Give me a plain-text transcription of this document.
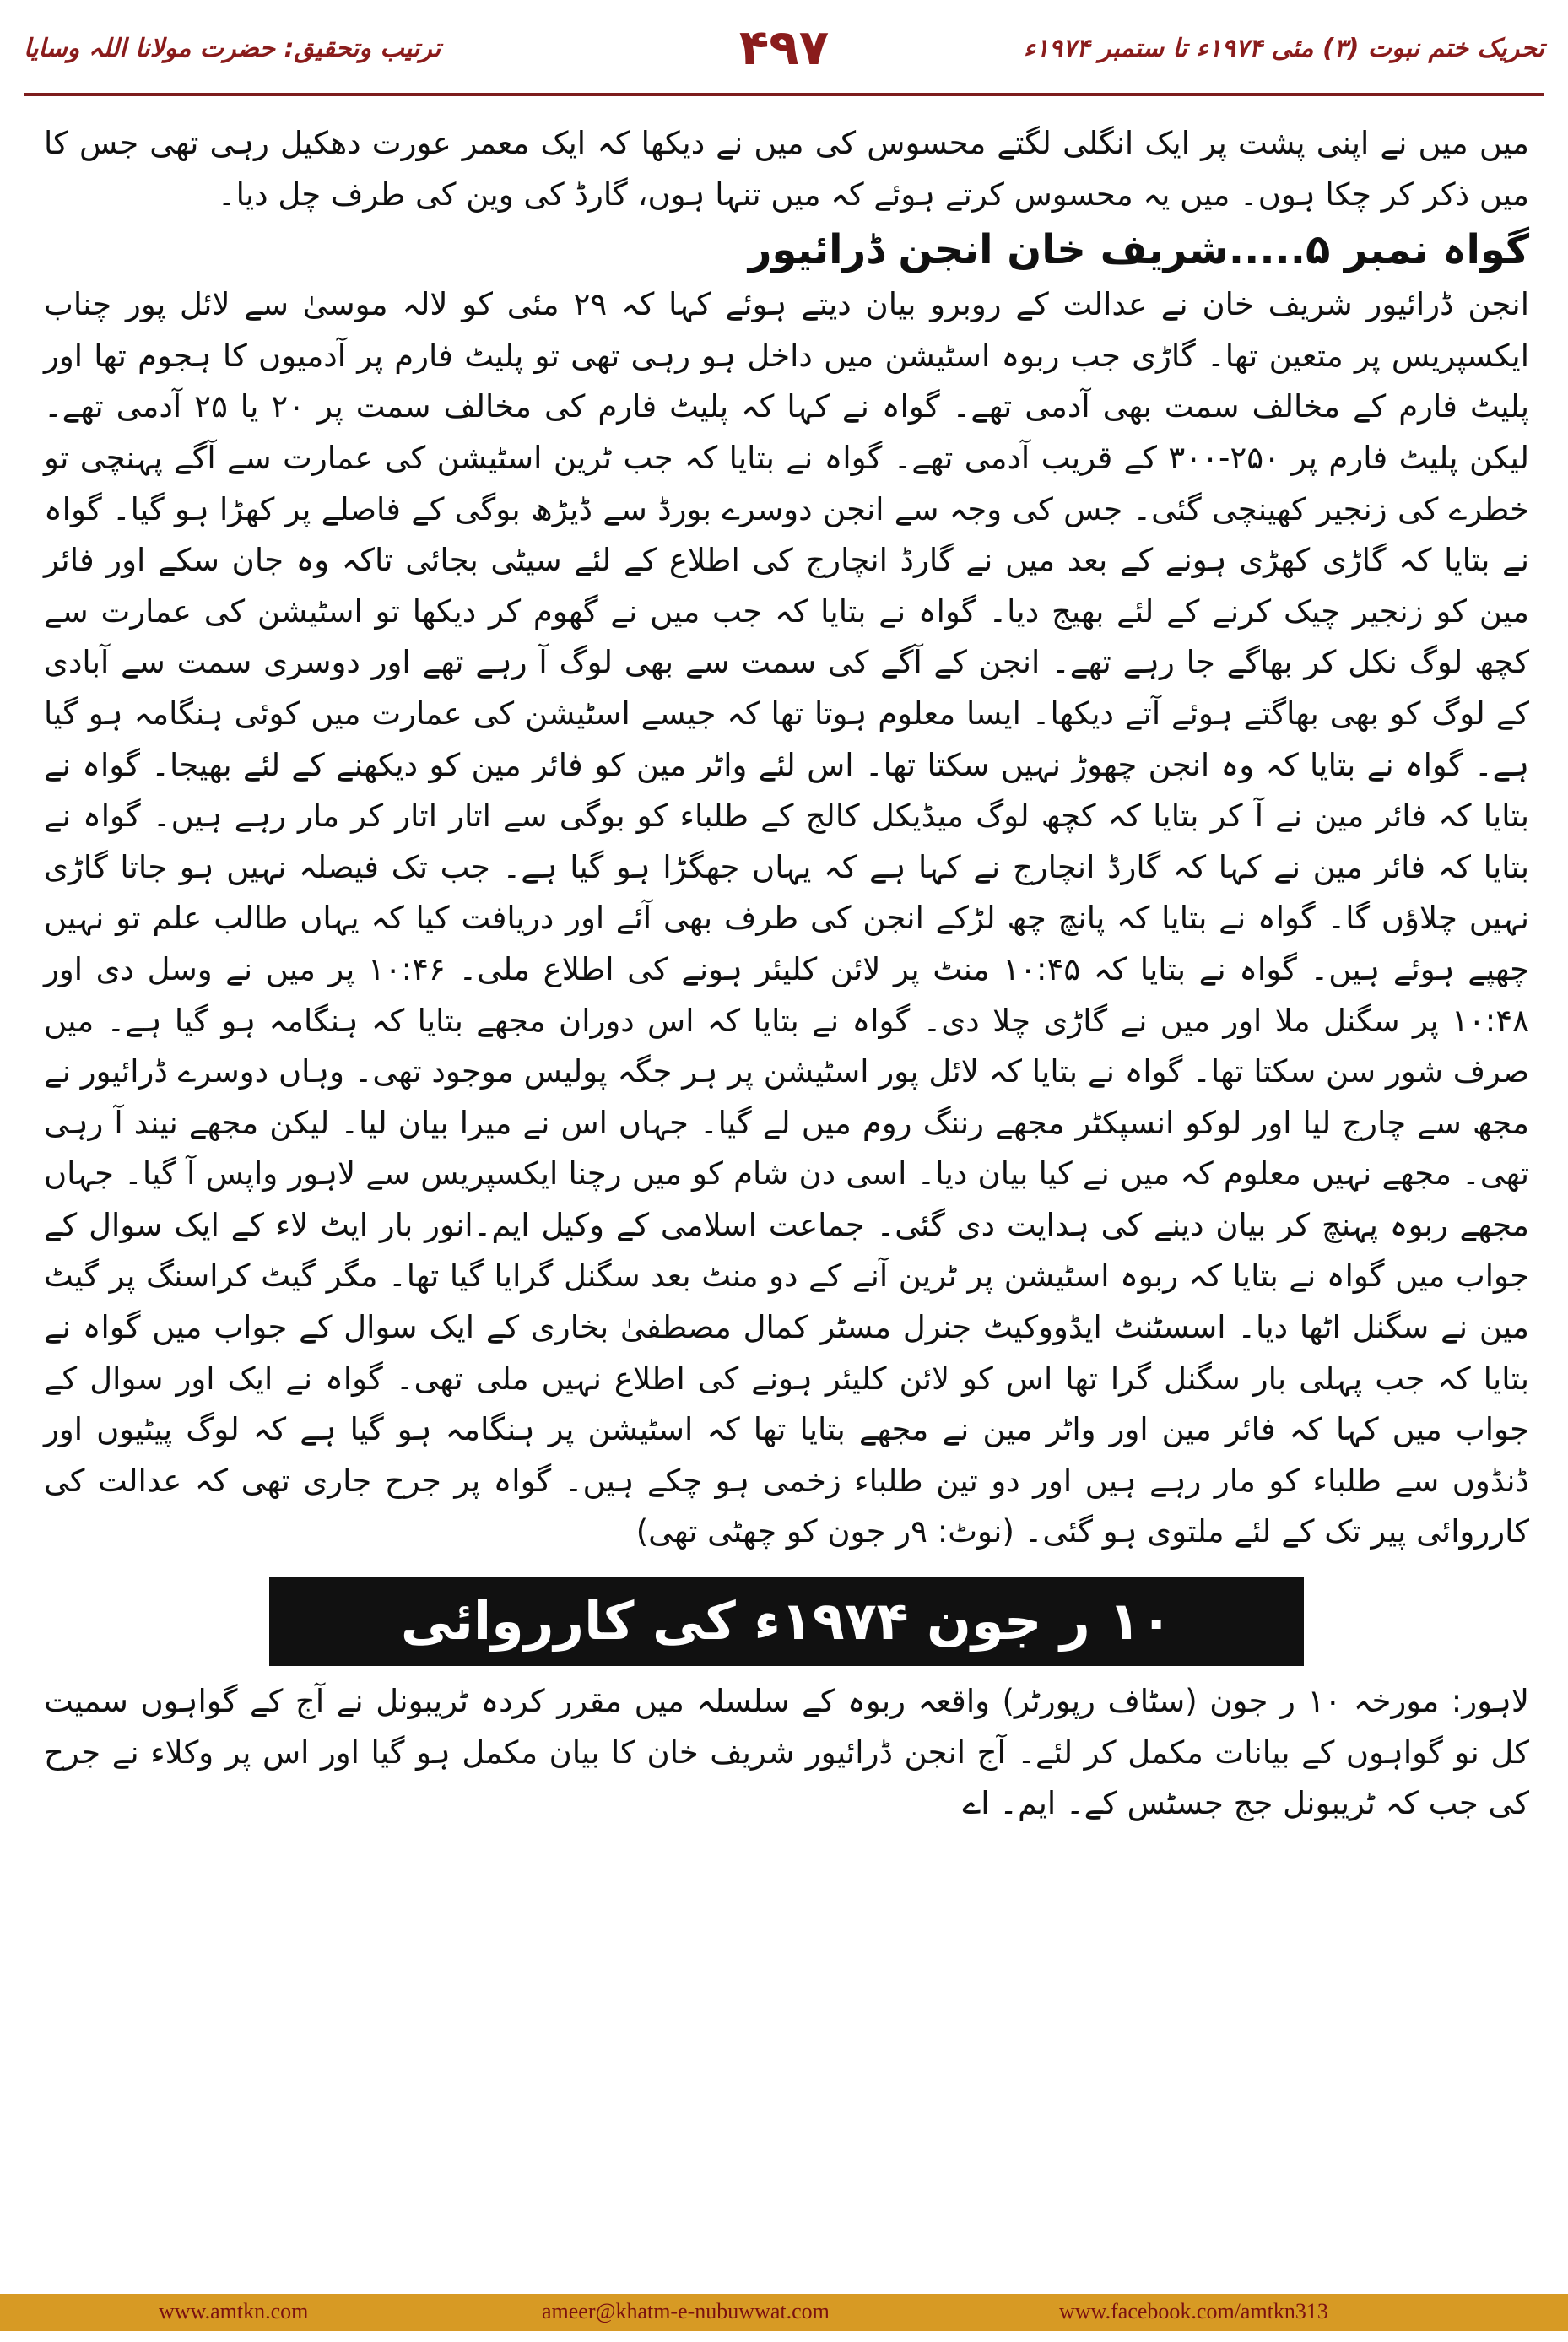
تحریک ختم نبوت (۳) مئی ۱۹۷۴ء تا ستمبر ۱۹۷۴ء
۴۹۷
ترتیب وتحقیق: حضرت مولانا اللہ وسایا

میں میں نے اپنی پشت پر ایک انگلی لگتے محسوس کی میں نے دیکھا کہ ایک معمر عورت دھکیل رہی تھی جس کا میں ذکر کر چکا ہوں۔ میں یہ محسوس کرتے ہوئے کہ میں تنہا ہوں، گارڈ کی وین کی طرف چل دیا۔

گواہ نمبر ۵.....شریف خان انجن ڈرائیور

انجن ڈرائیور شریف خان نے عدالت کے روبرو بیان دیتے ہوئے کہا کہ ۲۹ مئی کو لالہ موسیٰ سے لائل پور چناب ایکسپریس پر متعین تھا۔ گاڑی جب ربوہ اسٹیشن میں داخل ہو رہی تھی تو پلیٹ فارم پر آدمیوں کا ہجوم تھا اور پلیٹ فارم کے مخالف سمت بھی آدمی تھے۔ گواہ نے کہا کہ پلیٹ فارم کی مخالف سمت پر ۲۰ یا ۲۵ آدمی تھے۔ لیکن پلیٹ فارم پر ۲۵۰-۳۰۰ کے قریب آدمی تھے۔ گواہ نے بتایا کہ جب ٹرین اسٹیشن کی عمارت سے آگے پہنچی تو خطرے کی زنجیر کھینچی گئی۔ جس کی وجہ سے انجن دوسرے بورڈ سے ڈیڑھ بوگی کے فاصلے پر کھڑا ہو گیا۔ گواہ نے بتایا کہ گاڑی کھڑی ہونے کے بعد میں نے گارڈ انچارج کی اطلاع کے لئے سیٹی بجائی تاکہ وہ جان سکے اور فائر مین کو زنجیر چیک کرنے کے لئے بھیج دیا۔ گواہ نے بتایا کہ جب میں نے گھوم کر دیکھا تو اسٹیشن کی عمارت سے کچھ لوگ نکل کر بھاگے جا رہے تھے۔ انجن کے آگے کی سمت سے بھی لوگ آ رہے تھے اور دوسری سمت سے آبادی کے لوگ کو بھی بھاگتے ہوئے آتے دیکھا۔ ایسا معلوم ہوتا تھا کہ جیسے اسٹیشن کی عمارت میں کوئی ہنگامہ ہو گیا ہے۔ گواہ نے بتایا کہ وہ انجن چھوڑ نہیں سکتا تھا۔ اس لئے واٹر مین کو فائر مین کو دیکھنے کے لئے بھیجا۔ گواہ نے بتایا کہ فائر مین نے آ کر بتایا کہ کچھ لوگ میڈیکل کالج کے طلباء کو بوگی سے اتار اتار کر مار رہے ہیں۔ گواہ نے بتایا کہ فائر مین نے کہا کہ گارڈ انچارج نے کہا ہے کہ یہاں جھگڑا ہو گیا ہے۔ جب تک فیصلہ نہیں ہو جاتا گاڑی نہیں چلاؤں گا۔ گواہ نے بتایا کہ پانچ چھ لڑکے انجن کی طرف بھی آئے اور دریافت کیا کہ یہاں طالب علم تو نہیں چھپے ہوئے ہیں۔ گواہ نے بتایا کہ ۱۰:۴۵ منٹ پر لائن کلیئر ہونے کی اطلاع ملی۔ ۱۰:۴۶ پر میں نے وسل دی اور ۱۰:۴۸ پر سگنل ملا اور میں نے گاڑی چلا دی۔ گواہ نے بتایا کہ اس دوران مجھے بتایا کہ ہنگامہ ہو گیا ہے۔ میں صرف شور سن سکتا تھا۔ گواہ نے بتایا کہ لائل پور اسٹیشن پر ہر جگہ پولیس موجود تھی۔ وہاں دوسرے ڈرائیور نے مجھ سے چارج لیا اور لوکو انسپکٹر مجھے رننگ روم میں لے گیا۔ جہاں اس نے میرا بیان لیا۔ لیکن مجھے نیند آ رہی تھی۔ مجھے نہیں معلوم کہ میں نے کیا بیان دیا۔ اسی دن شام کو میں رچنا ایکسپریس سے لاہور واپس آ گیا۔ جہاں مجھے ربوہ پہنچ کر بیان دینے کی ہدایت دی گئی۔ جماعت اسلامی کے وکیل ایم۔انور بار ایٹ لاء کے ایک سوال کے جواب میں گواہ نے بتایا کہ ربوہ اسٹیشن پر ٹرین آنے کے دو منٹ بعد سگنل گرایا گیا تھا۔ مگر گیٹ کراسنگ پر گیٹ مین نے سگنل اٹھا دیا۔ اسسٹنٹ ایڈووکیٹ جنرل مسٹر کمال مصطفیٰ بخاری کے ایک سوال کے جواب میں گواہ نے بتایا کہ جب پہلی بار سگنل گرا تھا اس کو لائن کلیئر ہونے کی اطلاع نہیں ملی تھی۔ گواہ نے ایک اور سوال کے جواب میں کہا کہ فائر مین اور واٹر مین نے مجھے بتایا تھا کہ اسٹیشن پر ہنگامہ ہو گیا ہے کہ لوگ پیٹیوں اور ڈنڈوں سے طلباء کو مار رہے ہیں اور دو تین طلباء زخمی ہو چکے ہیں۔ گواہ پر جرح جاری تھی کہ عدالت کی کارروائی پیر تک کے لئے ملتوی ہو گئی۔ (نوٹ: ۹ر جون کو چھٹی تھی)

۱۰ ر جون ۱۹۷۴ء کی کارروائی

لاہور: مورخہ ۱۰ ر جون (سٹاف رپورٹر) واقعہ ربوہ کے سلسلہ میں مقرر کردہ ٹریبونل نے آج کے گواہوں سمیت کل نو گواہوں کے بیانات مکمل کر لئے۔ آج انجن ڈرائیور شریف خان کا بیان مکمل ہو گیا اور اس پر وکلاء نے جرح کی جب کہ ٹریبونل جج جسٹس کے۔ ایم۔ اے

www.amtkn.com	ameer@khatm-e-nubuwwat.com	www.facebook.com/amtkn313
